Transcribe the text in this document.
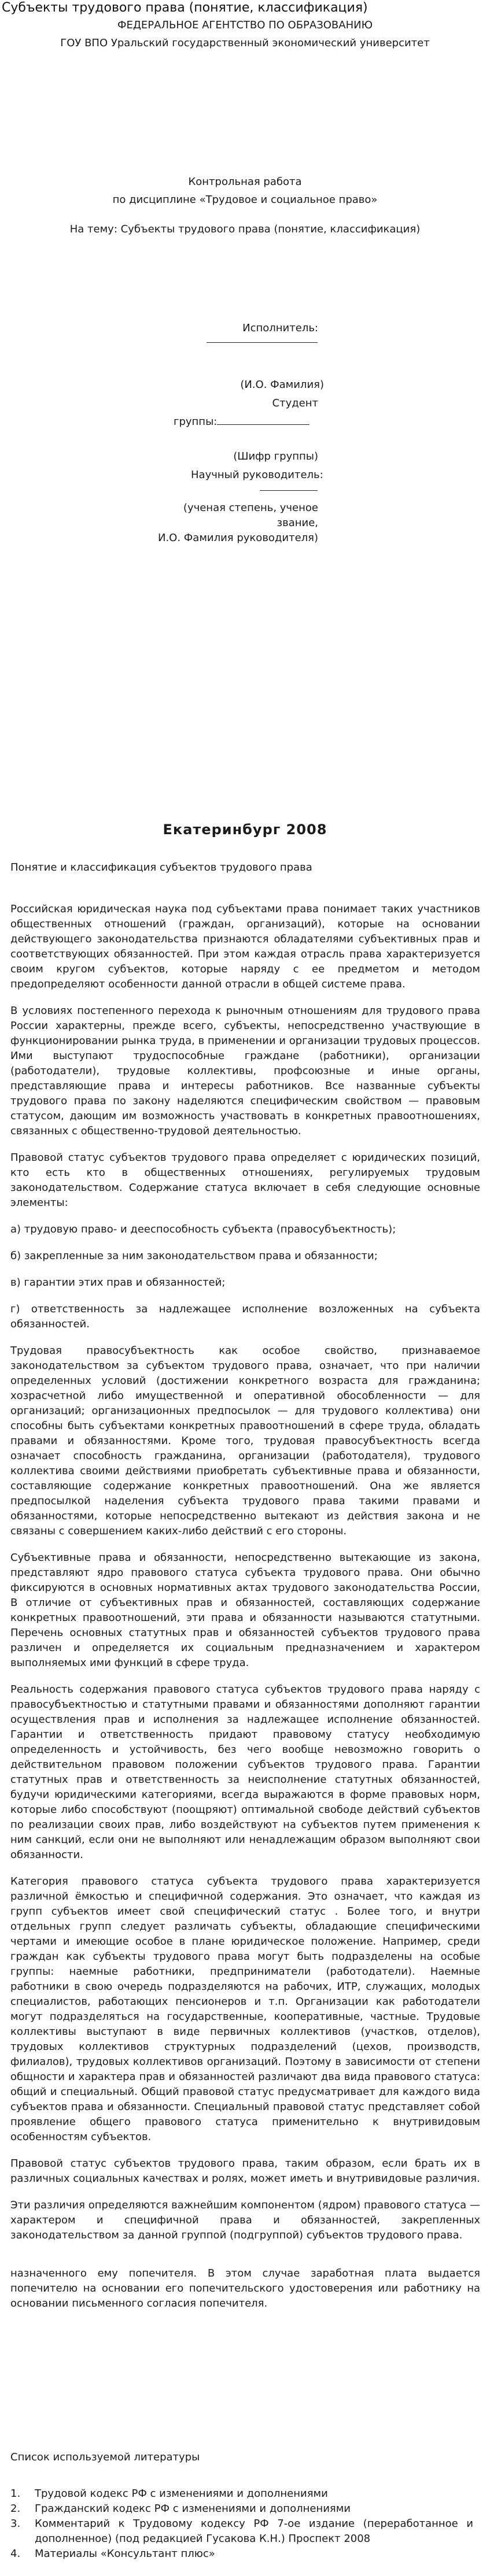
Субъекты трудового права (понятие, классификация)
ФЕДЕРАЛЬНОЕ АГЕНТСТВО ПО ОБРАЗОВАНИЮ
ГОУ ВПО Уральский государственный экономический университет
Контрольная работа
по дисциплине «Трудовое и социальное право»
На тему: Субъекты трудового права (понятие, классификация)
Исполнитель:
(И.О. Фамилия)
Студент
группы:
(Шифр группы)
Научный руководитель:
(ученая степень, ученое
звание,
И.О. Фамилия руководителя)
Екатеринбург 2008
Понятие и классификация субъектов трудового права

Российская юридическая наука под субъектами права понимает таких участников общественных отношений (граждан, организаций), которые на основании действующего законодательства признаются обладателями субъективных прав и соответствующих обязанностей. При этом каждая отрасль права характеризуется своим кругом субъектов, которые наряду с ее предметом и методом предопределяют особенности данной отрасли в общей системе права.

В условиях постепенного перехода к рыночным отношениям для трудового права России характерны, прежде всего, субъекты, непосредственно участвующие в функционировании рынка труда, в применении и организации трудовых процессов. Ими выступают трудоспособные граждане (работники), организации (работодатели), трудовые коллективы, профсоюзные и иные органы, представляющие права и интересы работников. Все названные субъекты трудового права по закону наделяются специфическим свойством — правовым статусом, дающим им возможность участвовать в конкретных правоотношениях, связанных с общественно-трудовой деятельностью.

Правовой статус субъектов трудового права определяет с юридических позиций, кто есть кто в общественных отношениях, регулируемых трудовым законодательством. Содержание статуса включает в себя следующие основные элементы:

а) трудовую право- и дееспособность субъекта (правосубъектность);

б) закрепленные за ним законодательством права и обязанности;

в) гарантии этих прав и обязанностей;

г) ответственность за надлежащее исполнение возложенных на субъекта обязанностей.

Трудовая правосубъектность как особое свойство, признаваемое законодательством за субъектом трудового права, означает, что при наличии определенных условий (достижении конкретного возраста для гражданина; хозрасчетной либо имущественной и оперативной обособленности — для организаций; организационных предпосылок — для трудового коллектива) они способны быть субъектами конкретных правоотношений в сфере труда, обладать правами и обязанностями. Кроме того, трудовая правосубъектность всегда означает способность гражданина, организации (работодателя), трудового коллектива своими действиями приобретать субъективные права и обязанности, составляющие содержание конкретных правоотношений. Она же является предпосылкой наделения субъекта трудового права такими правами и обязанностями, которые непосредственно вытекают из действия закона и не связаны с совершением каких-либо действий с его стороны.

Субъективные права и обязанности, непосредственно вытекающие из закона, представляют ядро правового статуса субъекта трудового права. Они обычно фиксируются в основных нормативных актах трудового законодательства России, В отличие от субъективных прав и обязанностей, составляющих содержание конкретных правоотношений, эти права и обязанности называются статутными. Перечень основных статутных прав и обязанностей субъектов трудового права различен и определяется их социальным предназначением и характером выполняемых ими функций в сфере труда.

Реальность содержания правового статуса субъектов трудового права наряду с правосубъектностью и статутными правами и обязанностями дополняют гарантии осуществления прав и исполнения за надлежащее исполнение обязанностей. Гарантии и ответственность придают правовому статусу необходимую определенность и устойчивость, без чего вообще невозможно говорить о действительном правовом положении субъектов трудового права. Гарантии статутных прав и ответственность за неисполнение статутных обязанностей, будучи юридическими категориями, всегда выражаются в форме правовых норм, которые либо способствуют (поощряют) оптимальной свободе действий субъектов по реализации своих прав, либо воздействуют на субъектов путем применения к ним санкций, если они не выполняют или ненадлежащим образом выполняют свои обязанности.

Категория правового статуса субъекта трудового права характеризуется различной ёмкостью и специфичной содержания. Это означает, что каждая из групп субъектов имеет свой специфический статус . Более того, и внутри отдельных групп следует различать субъекты, обладающие специфическими чертами и имеющие особое в плане юридическое положение. Например, среди граждан как субъекты трудового права могут быть подразделены на особые группы: наемные работники, предприниматели (работодатели). Наемные работники в свою очередь подразделяются на рабочих, ИТР, служащих, молодых специалистов, работающих пенсионеров и т.п. Организации как работодатели могут подразделяться на государственные, кооперативные, частные. Трудовые коллективы выступают в виде первичных коллективов (участков, отделов), трудовых коллективов структурных подразделений (цехов, производств, филиалов), трудовых коллективов организаций. Поэтому в зависимости от степени общности и характера прав и обязанностей различают два вида правового статуса: общий и специальный. Общий правовой статус предусматривает для каждого вида субъектов права и обязанности. Специальный правовой статус представляет собой проявление общего правового статуса применительно к внутривидовым особенностям субъектов.

Правовой статус субъектов трудового права, таким образом, если брать их в различных социальных качествах и ролях, может иметь и внутривидовые различия.

Эти различия определяются важнейшим компонентом (ядром) правового статуса — характером и специфичной права и обязанностей, закрепленных законодательством за данной группой (подгруппой) субъектов трудового права.

назначенного ему попечителя. В этом случае заработная плата выдается попечителю на основании его попечительского удостоверения или работнику на основании письменного согласия попечителя.

Список используемой литературы
1. Трудовой кодекс РФ с изменениями и дополнениями
2. Гражданский кодекс РФ с изменениями и дополнениями
3. Комментарий к Трудовому кодексу РФ 7-ое издание (переработанное и дополненное) (под редакцией Гусакова К.Н.) Проспект 2008
4. Материалы «Консультант плюс»
